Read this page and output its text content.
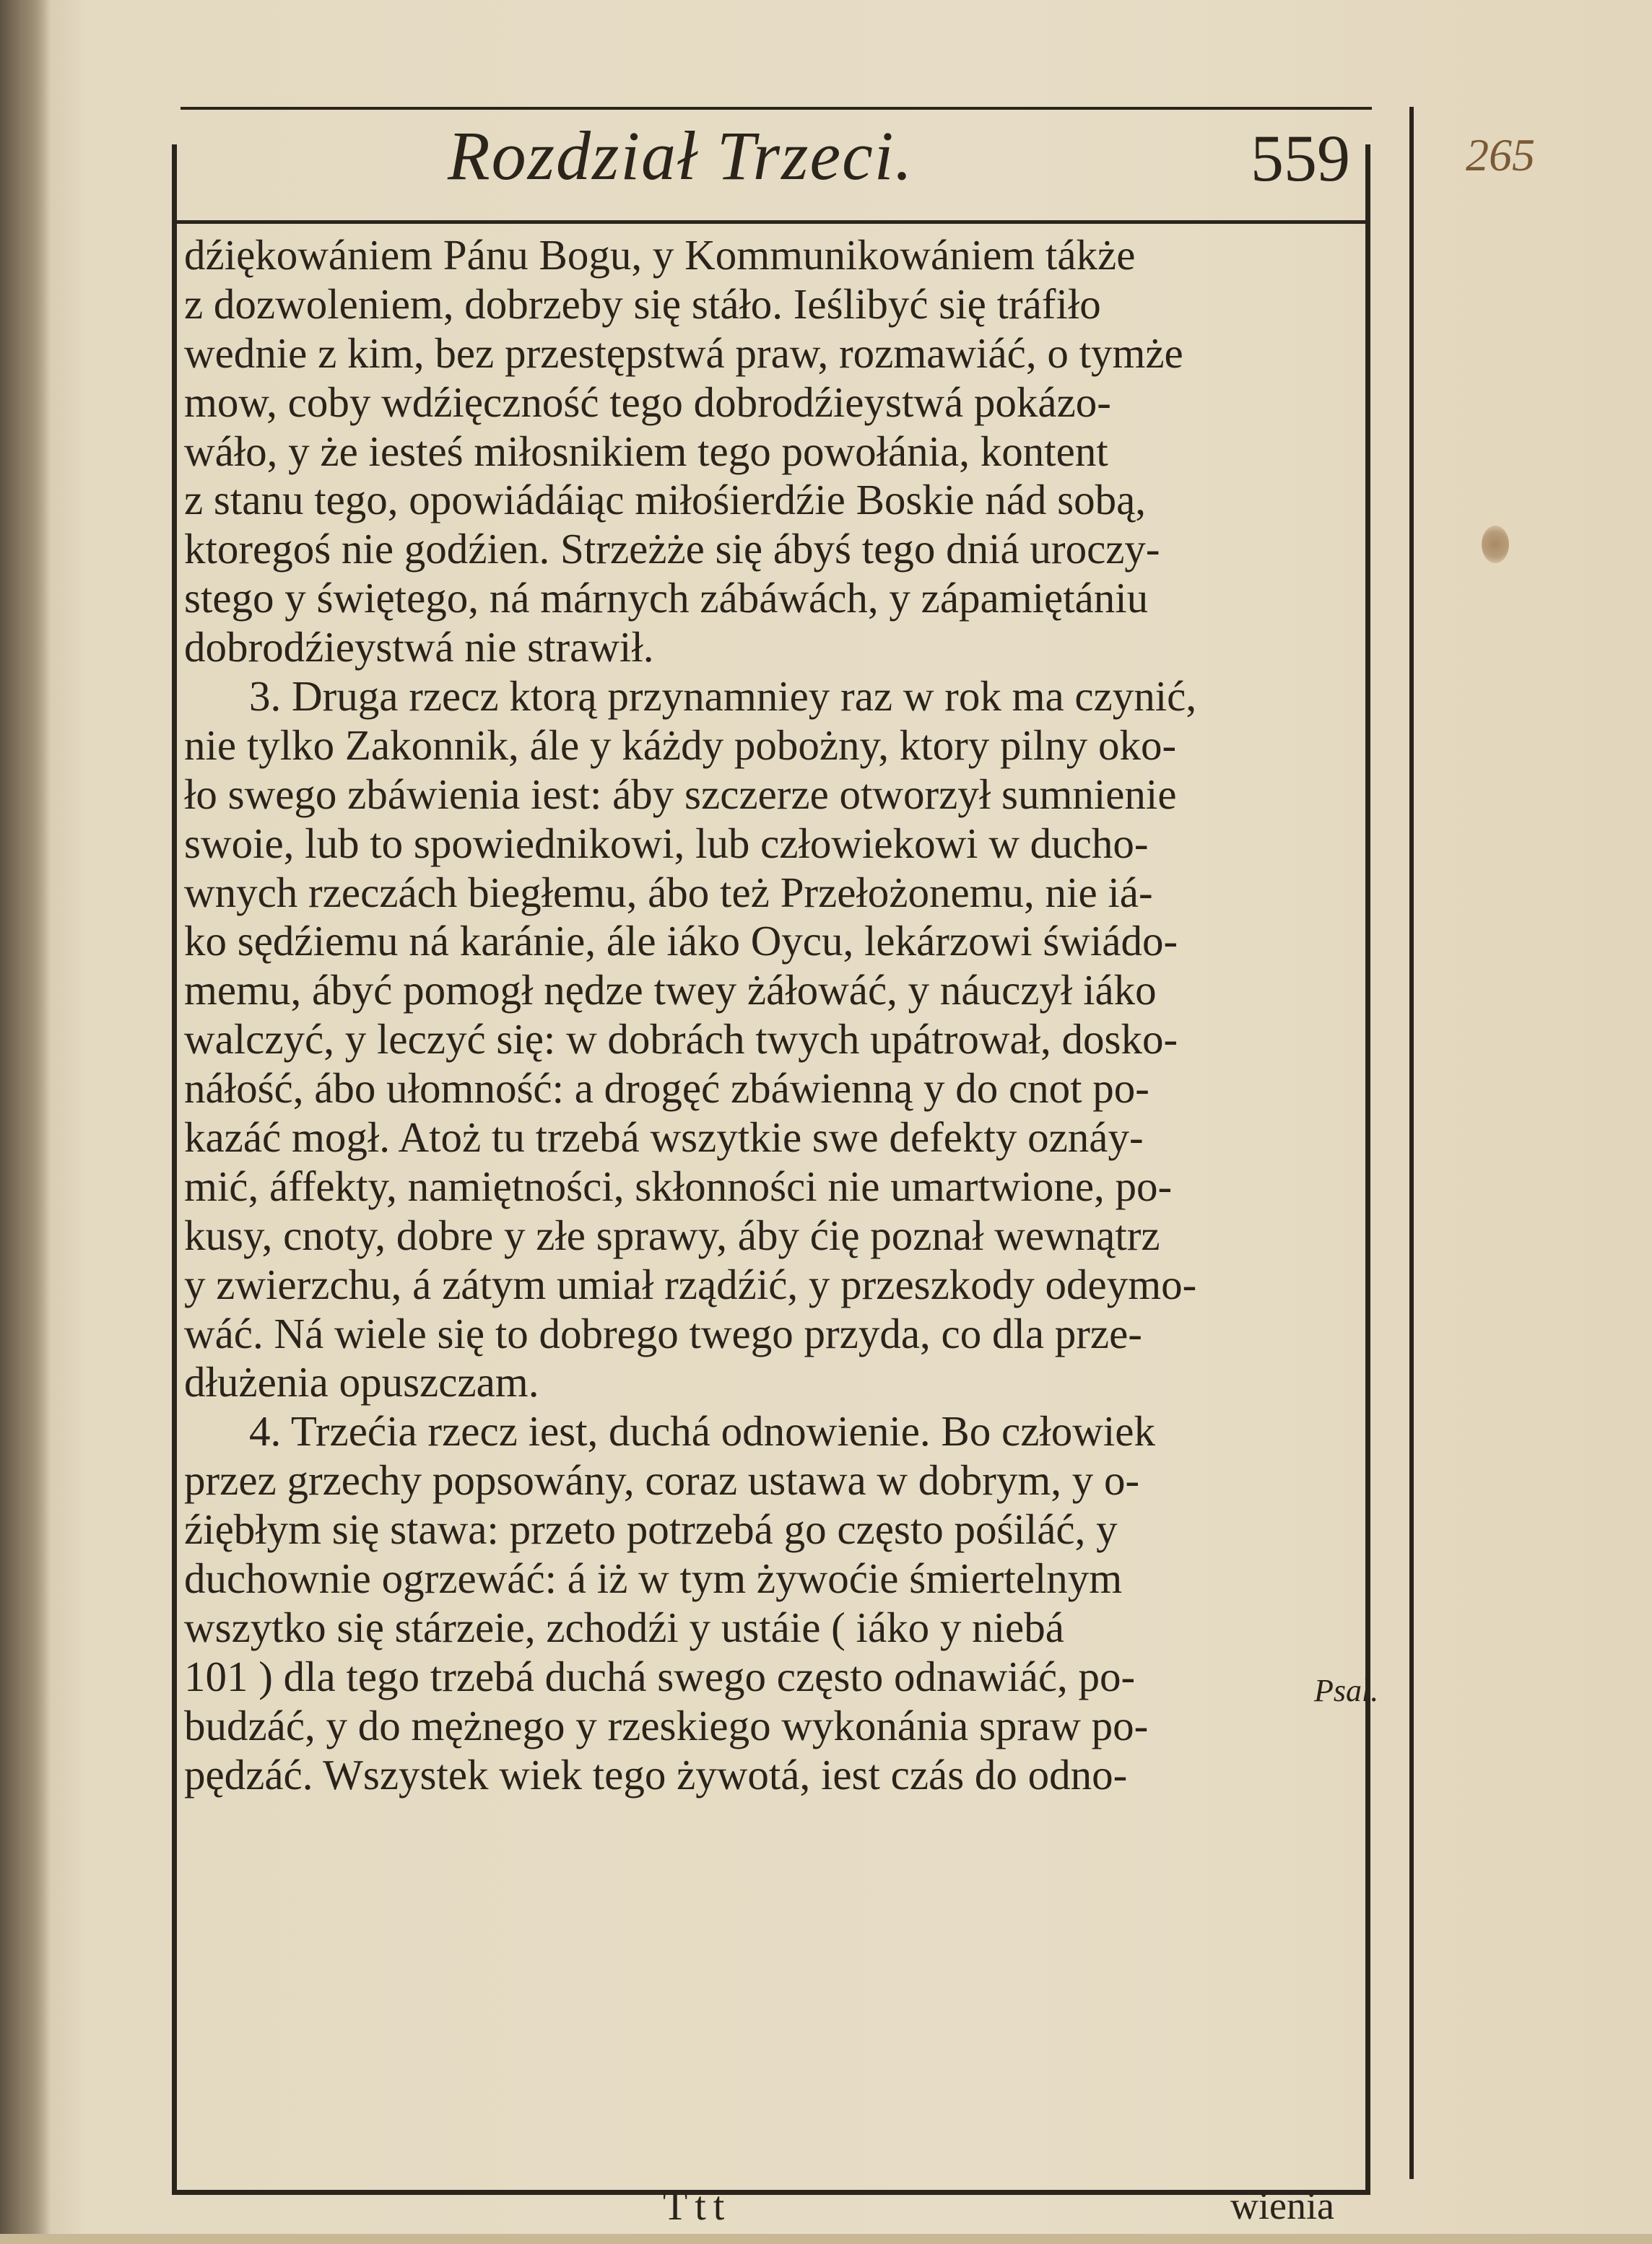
265
Rozdział Trzeci.	559
dźiękowániem Pánu Bogu, y Kommunikowániem tákże
z dozwoleniem, dobrzeby się stáło. Ieślibyć się tráfiło
wednie z kim, bez przestępstwá praw, rozmawiáć, o tymże
mow, coby wdźięczność tego dobrodźieystwá pokázo-
wáło, y że iesteś miłosnikiem tego powołánia, kontent
z stanu tego, opowiádáiąc miłośierdźie Boskie nád sobą,
ktoregoś nie godźien. Strzeżże się ábyś tego dniá uroczy-
stego y świętego, ná márnych zábáwách, y zápamiętániu
dobrodźieystwá nie strawił.
3. Druga rzecz ktorą przynamniey raz w rok ma czynić,
nie tylko Zakonnik, ále y káżdy pobożny, ktory pilny oko-
ło swego zbáwienia iest: áby szczerze otworzył sumnienie
swoie, lub to spowiednikowi, lub człowiekowi w ducho-
wnych rzeczách biegłemu, ábo też Przełożonemu, nie iá-
ko sędźiemu ná karánie, ále iáko Oycu, lekárzowi świádo-
memu, ábyć pomogł nędze twey żáłowáć, y náuczył iáko
walczyć, y leczyć się: w dobrách twych upátrował, dosko-
náłość, ábo ułomność: a drogęć zbáwienną y do cnot po-
kazáć mogł. Atoż tu trzebá wszytkie swe defekty oznáy-
mić, áffekty, namiętności, skłonności nie umartwione, po-
kusy, cnoty, dobre y złe sprawy, áby ćię poznał wewnątrz
y zwierzchu, á zátym umiał rządźić, y przeszkody odeymo-
wáć. Ná wiele się to dobrego twego przyda, co dla prze-
dłużenia opuszczam.
4. Trzećia rzecz iest, duchá odnowienie. Bo człowiek
przez grzechy popsowány, coraz ustawa w dobrym, y o-
źiębłym się stawa: przeto potrzebá go często pośiláć, y
duchownie ogrzewáć: á iż w tym żywoćie śmiertelnym
wszytko się stárzeie, zchodźi y ustáie ( iáko y niebá
101 ) dla tego trzebá duchá swego często odnawiáć, po-
budzáć, y do mężnego y rzeskiego wykonánia spraw po-
pędzáć. Wszystek wiek tego żywotá, iest czás do odno-
Psal.
Ttt	wienia
